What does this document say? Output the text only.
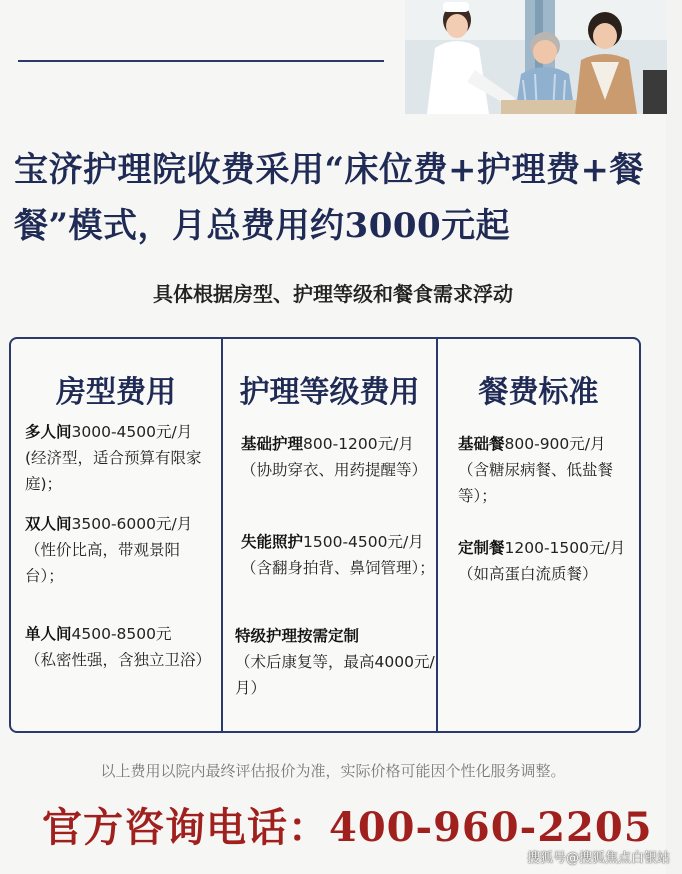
宝济护理院收费采用“床位费+护理费+餐餐”模式，月总费用约3000元起
具体根据房型、护理等级和餐食需求浮动
房型费用
多人间3000-4500元/月
(经济型，适合预算有限家庭)；
双人间3500-6000元/月
（性价比高，带观景阳台）；
单人间4500-8500元
（私密性强，含独立卫浴）
护理等级费用
基础护理800-1200元/月
（协助穿衣、用药提醒等）
失能照护1500-4500元/月
（含翻身拍背、鼻饲管理）；
特级护理按需定制
（术后康复等，最高4000元/月）
餐费标准
基础餐800-900元/月
（含糖尿病餐、低盐餐等）；
定制餐1200-1500元/月
（如高蛋白流质餐）
以上费用以院内最终评估报价为准，实际价格可能因个性化服务调整。
官方咨询电话：400-960-2205
搜狐号@搜狐焦点白银站
